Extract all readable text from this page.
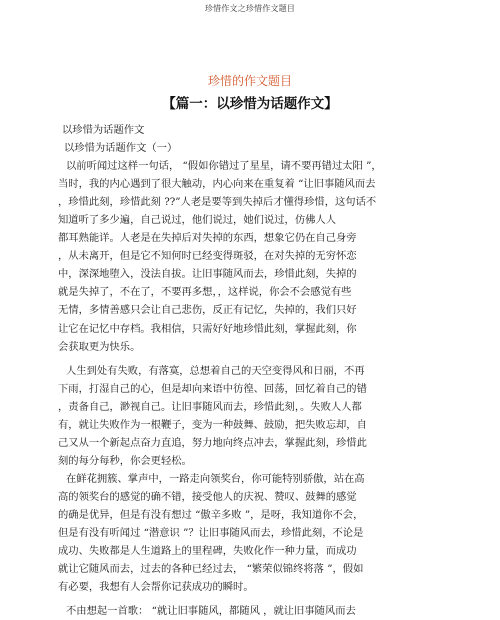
珍惜作文之珍惜作文题目
珍惜的作文题目
【篇一：以珍惜为话题作文】
以珍惜为话题作文
以珍惜为话题作文（一）
以前听闻过这样一句话， “假如你错过了星星，请不要再错过太阳 ”，
当时，我的内心遇到了很大触动，内心向来在重复着 “让旧事随风而去
，珍惜此刻，珍惜此刻 ??”人老是要等到失掉后才懂得珍惜，这句话不
知道听了多少遍，自己说过，他们说过，她们说过，仿佛人人
都耳熟能详。人老是在失掉后对失掉的东西，想象它仍在自己身旁
，从未离开，但是它不知何时已经变得斑驳，在对失掉的无穷怀恋
中，深深地堕入，没法自拔。让旧事随风而去，珍惜此刻，失掉的
就是失掉了，不在了，不要再多想，，这样说，你会不会感觉有些
无情，多情善感只会让自己悲伤，反正有记忆，失掉的，我们只好
让它在记忆中存档。我相信，只需好好地珍惜此刻，掌握此刻，你
会获取更为快乐。
人生到处有失败，有落寞，总想着自己的天空变得风和日丽，不再
下雨，打湿自己的心，但是却向来语中彷徨、回荡，回忆着自己的错
，责备自己，渺视自己。让旧事随风而去，珍惜此刻，。失败人人都
有，就让失败作为一根鞭子，变为一种鼓舞、鼓励，把失败忘却，自
己又从一个新起点奋力直追，努力地向终点冲去，掌握此刻，珍惜此
刻的每分每秒，你会更轻松。
在鲜花拥簇、掌声中，一路走向领奖台，你可能特别骄傲，站在高
高的领奖台的感觉的确不错，接受他人的庆祝、赞叹、鼓舞的感觉
的确是优异，但是有没有想过 “傲辛多败 ”，是呀，我知道你不会，
但是有没有听闻过 “潜意识 ”？让旧事随风而去，珍惜此刻，不论是
成功、失败都是人生道路上的里程碑，失败化作一种力量，而成功
就让它随风而去，过去的各种已经过去， “繁荣似锦终将落 ”，假如
有必要，我想有人会帮你记获成功的瞬时。
不由想起一首歌： “就让旧事随风，都随风 ，就让旧事随风而去
